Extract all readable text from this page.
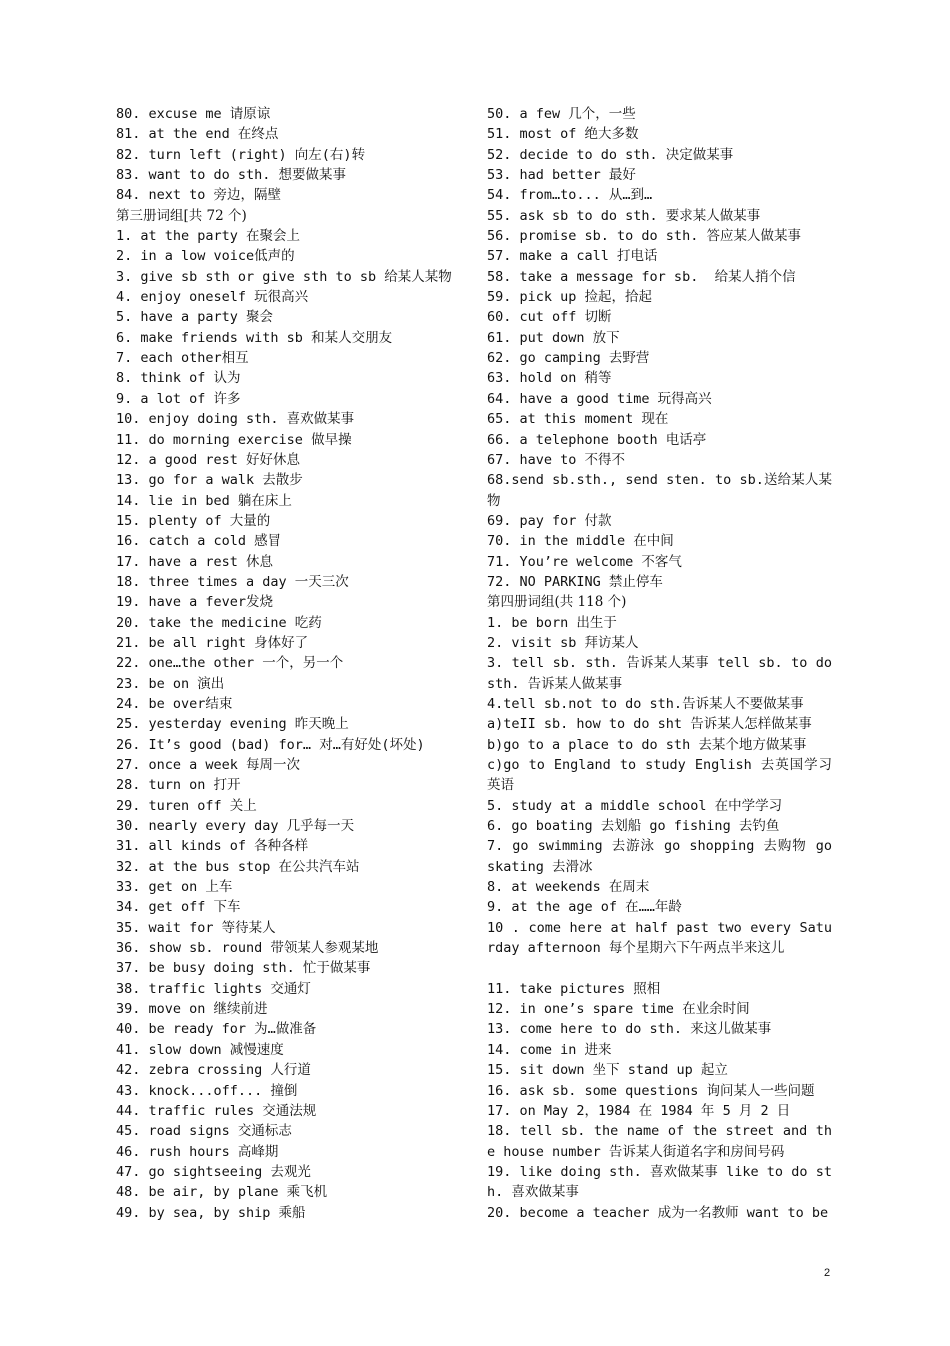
80. excuse me 请原谅
81. at the end 在终点
82. turn left (right) 向左(右)转
83. want to do sth. 想要做某事
84. next to 旁边，隔壁
第三册词组[共 72 个)
1. at the party 在聚会上
2. in a low voice低声的
3. give sb sth or give sth to sb 给某人某物
4. enjoy oneself 玩很高兴
5. have a party 聚会
6. make friends with sb 和某人交朋友
7. each other相互
8. think of 认为
9. a lot of 许多
10. enjoy doing sth. 喜欢做某事
11. do morning exercise 做早操
12. a good rest 好好休息
13. go for a walk 去散步
14. lie in bed 躺在床上
15. plenty of 大量的
16. catch a cold 感冒
17. have a rest 休息
18. three times a day 一天三次
19. have a fever发烧
20. take the medicine 吃药
21. be all right 身体好了
22. one…the other 一个，另一个
23. be on 演出
24. be over结束
25. yesterday evening 昨天晚上
26. It’s good (bad) for… 对…有好处(坏处)
27. once a week 每周一次
28. turn on 打开
29. turen off 关上
30. nearly every day 几乎每一天
31. all kinds of 各种各样
32. at the bus stop 在公共汽车站
33. get on 上车
34. get off 下车
35. wait for 等待某人
36. show sb. round 带领某人参观某地
37. be busy doing sth. 忙于做某事
38. traffic lights 交通灯
39. move on 继续前进
40. be ready for 为…做准备
41. slow down 减慢速度
42. zebra crossing 人行道
43. knock...off... 撞倒
44. traffic rules 交通法规
45. road signs 交通标志
46. rush hours 高峰期
47. go sightseeing 去观光
48. be air, by plane 乘飞机
49. by sea, by ship 乘船
50. a few 几个，一些
51. most of 绝大多数
52. decide to do sth. 决定做某事
53. had better 最好
54. from…to... 从…到…
55. ask sb to do sth. 要求某人做某事
56. promise sb. to do sth. 答应某人做某事
57. make a call 打电话
58. take a message for sb.  给某人捎个信
59. pick up 捡起，拾起
60. cut off 切断
61. put down 放下
62. go camping 去野营
63. hold on 稍等
64. have a good time 玩得高兴
65. at this moment 现在
66. a telephone booth 电话亭
67. have to 不得不
68.send sb.sth., send sten. to sb.送给某人某物
69. pay for 付款
70. in the middle 在中间
71. You’re welcome 不客气
72. NO PARKING 禁止停车
第四册词组(共 118 个)
1. be born 出生于
2. visit sb 拜访某人
3. tell sb. sth. 告诉某人某事 tell sb. to do sth. 告诉某人做某事
4.tell sb.not to do sth.告诉某人不要做某事
a)teII sb. how to do sht 告诉某人怎样做某事
b)go to a place to do sth 去某个地方做某事
c)go to England to study English 去英国学习英语
5. study at a middle school 在中学学习
6. go boating 去划船 go fishing 去钓鱼
7. go swimming 去游泳 go shopping 去购物 go skating 去滑冰
8. at weekends 在周末
9. at the age of 在……年龄
10 . come here at half past two every Saturday afternoon 每个星期六下午两点半来这儿
11. take pictures 照相
12. in one’s spare time 在业余时间
13. come here to do sth. 来这儿做某事
14. come in 进来
15. sit down 坐下 stand up 起立
16. ask sb. some questions 询问某人一些问题
17. on May 2，1984 在 1984 年 5 月 2 日
18. tell sb. the name of the street and the house number 告诉某人街道名字和房间号码
19. like doing sth. 喜欢做某事 like to do sth. 喜欢做某事
20. become a teacher 成为一名教师 want to be
2
